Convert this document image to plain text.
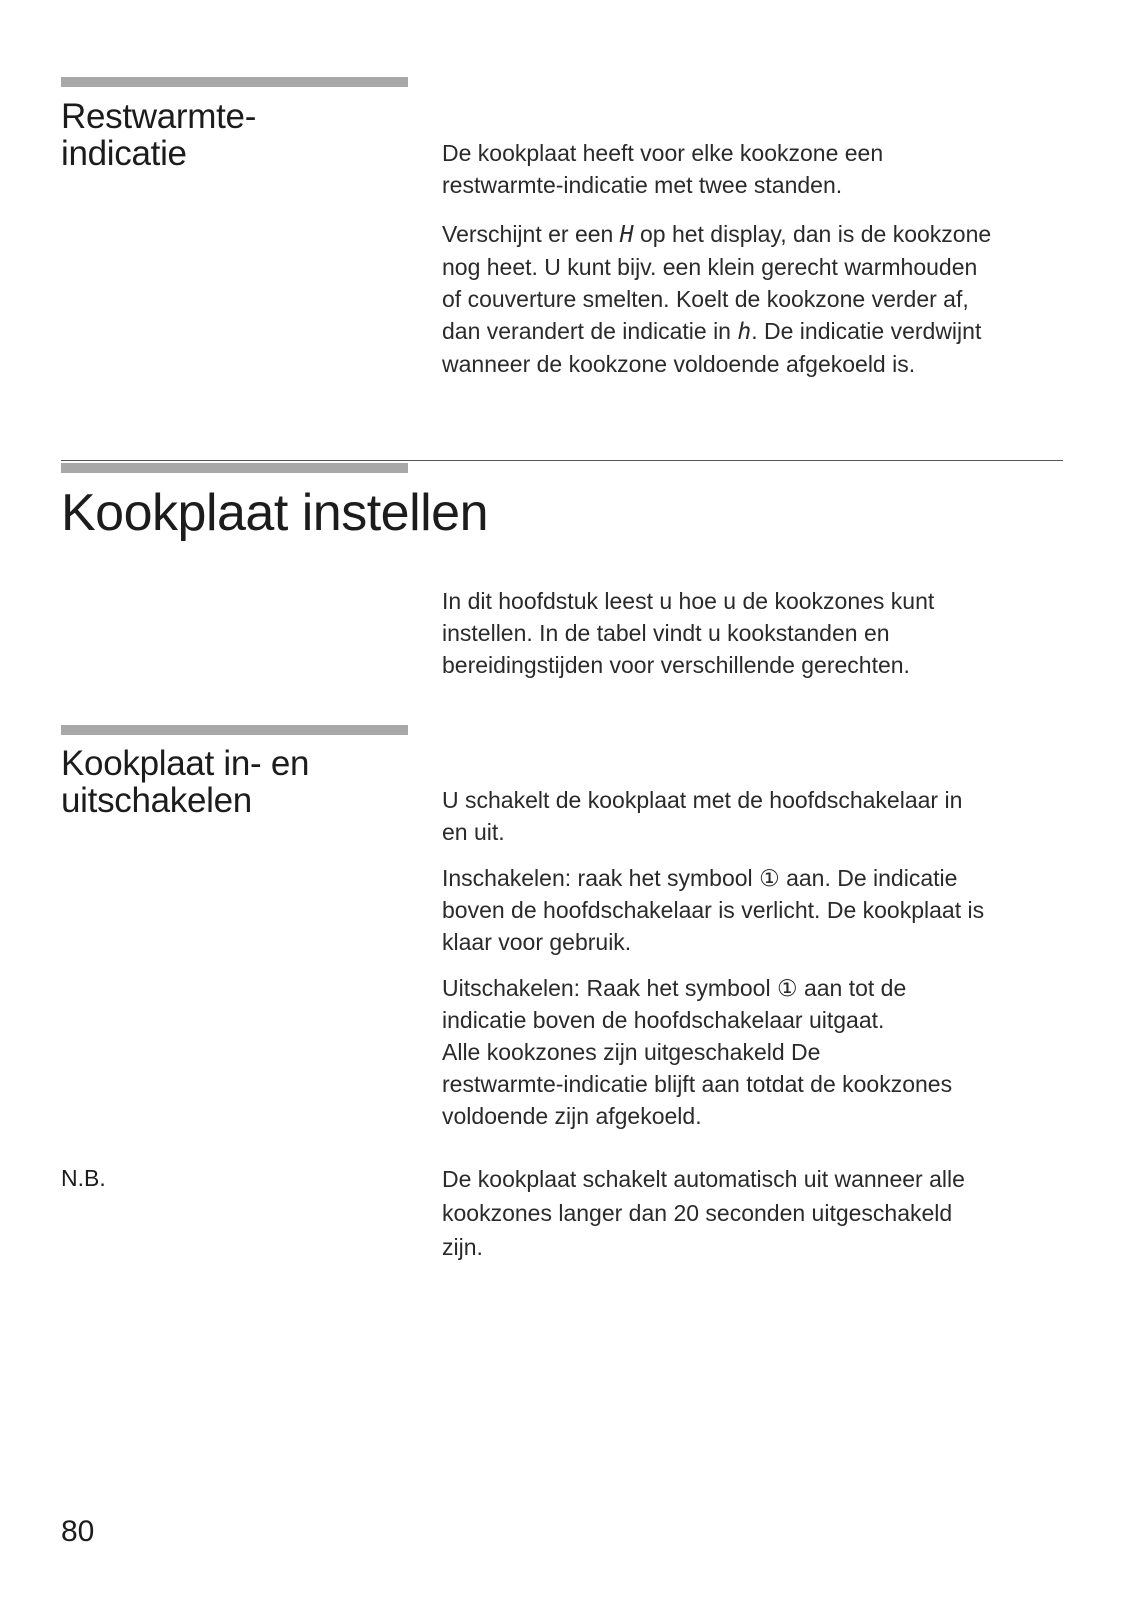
Restwarmte-
indicatie	De kookplaat heeft voor elke kookzone een
restwarmte-indicatie met twee standen.

Verschijnt er een H op het display, dan is de kookzone
nog heet. U kunt bijv. een klein gerecht warmhouden
of couverture smelten. Koelt de kookzone verder af,
dan verandert de indicatie in h. De indicatie verdwijnt
wanneer de kookzone voldoende afgekoeld is.

Kookplaat instellen

In dit hoofdstuk leest u hoe u de kookzones kunt
instellen. In de tabel vindt u kookstanden en
bereidingstijden voor verschillende gerechten.

Kookplaat in- en
uitschakelen	U schakelt de kookplaat met de hoofdschakelaar in
en uit.

Inschakelen: raak het symbool ① aan. De indicatie
boven de hoofdschakelaar is verlicht. De kookplaat is
klaar voor gebruik.

Uitschakelen: Raak het symbool ① aan tot de
indicatie boven de hoofdschakelaar uitgaat.
Alle kookzones zijn uitgeschakeld De
restwarmte-indicatie blijft aan totdat de kookzones
voldoende zijn afgekoeld.

N.B.	De kookplaat schakelt automatisch uit wanneer alle
kookzones langer dan 20 seconden uitgeschakeld
zijn.

80
